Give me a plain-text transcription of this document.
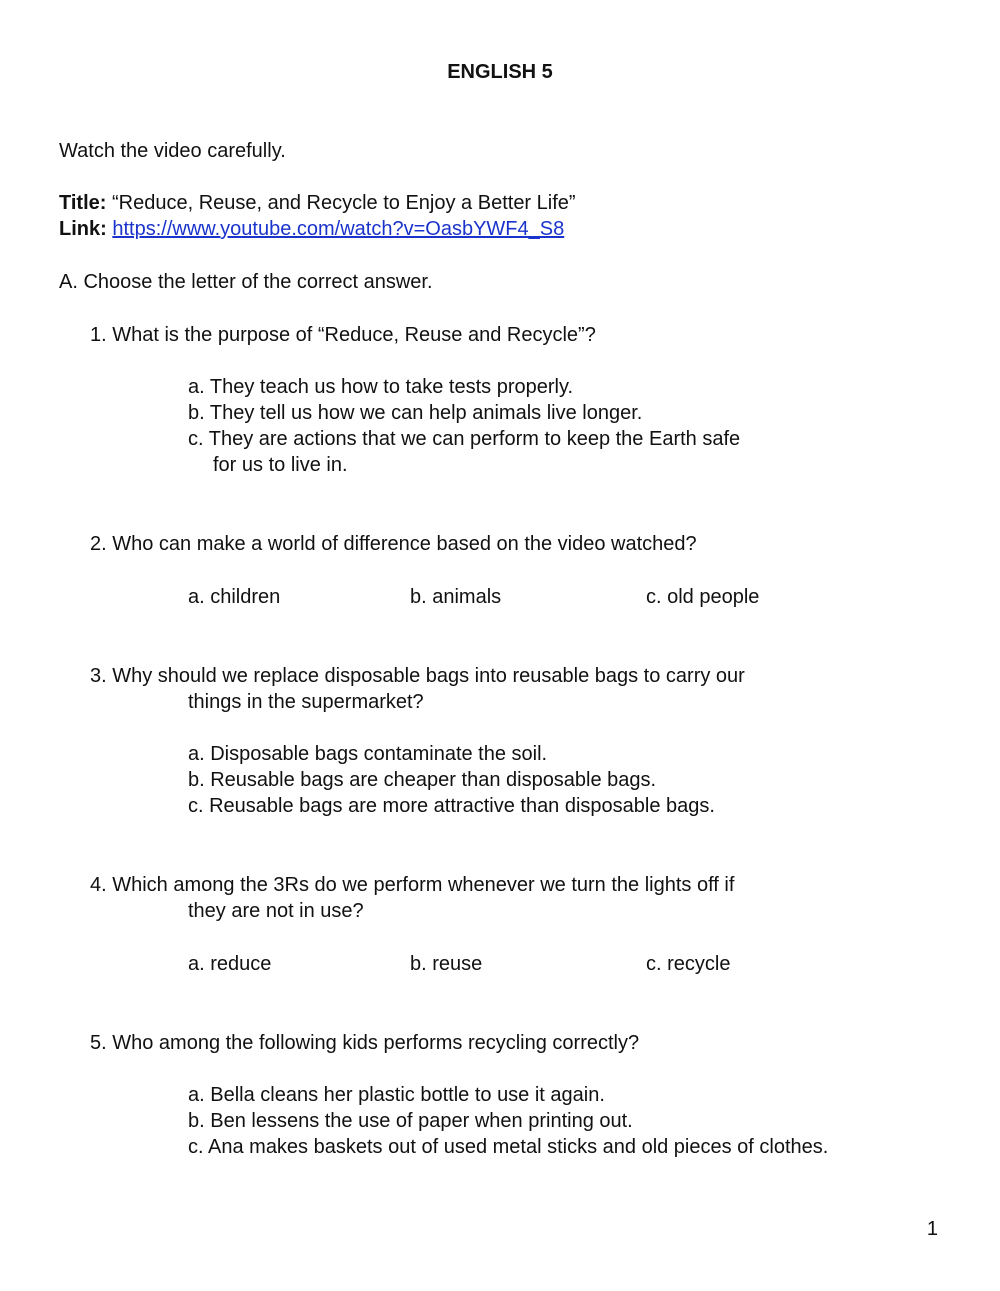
ENGLISH 5
Watch the video carefully.
Title: “Reduce, Reuse, and Recycle to Enjoy a Better Life”
Link: https://www.youtube.com/watch?v=OasbYWF4_S8
A. Choose the letter of the correct answer.
1. What is the purpose of “Reduce, Reuse and Recycle”?
a. They teach us how to take tests properly.
b. They tell us how we can help animals live longer.
c. They are actions that we can perform to keep the Earth safe
for us to live in.
2. Who can make a world of difference based on the video watched?
a. children	b. animals	c. old people
3. Why should we replace disposable bags into reusable bags to carry our
things in the supermarket?
a. Disposable bags contaminate the soil.
b. Reusable bags are cheaper than disposable bags.
c. Reusable bags are more attractive than disposable bags.
4. Which among the 3Rs do we perform whenever we turn the lights off if
they are not in use?
a. reduce	b. reuse	c. recycle
5. Who among the following kids performs recycling correctly?
a. Bella cleans her plastic bottle to use it again.
b. Ben lessens the use of paper when printing out.
c. Ana makes baskets out of used metal sticks and old pieces of clothes.
1
